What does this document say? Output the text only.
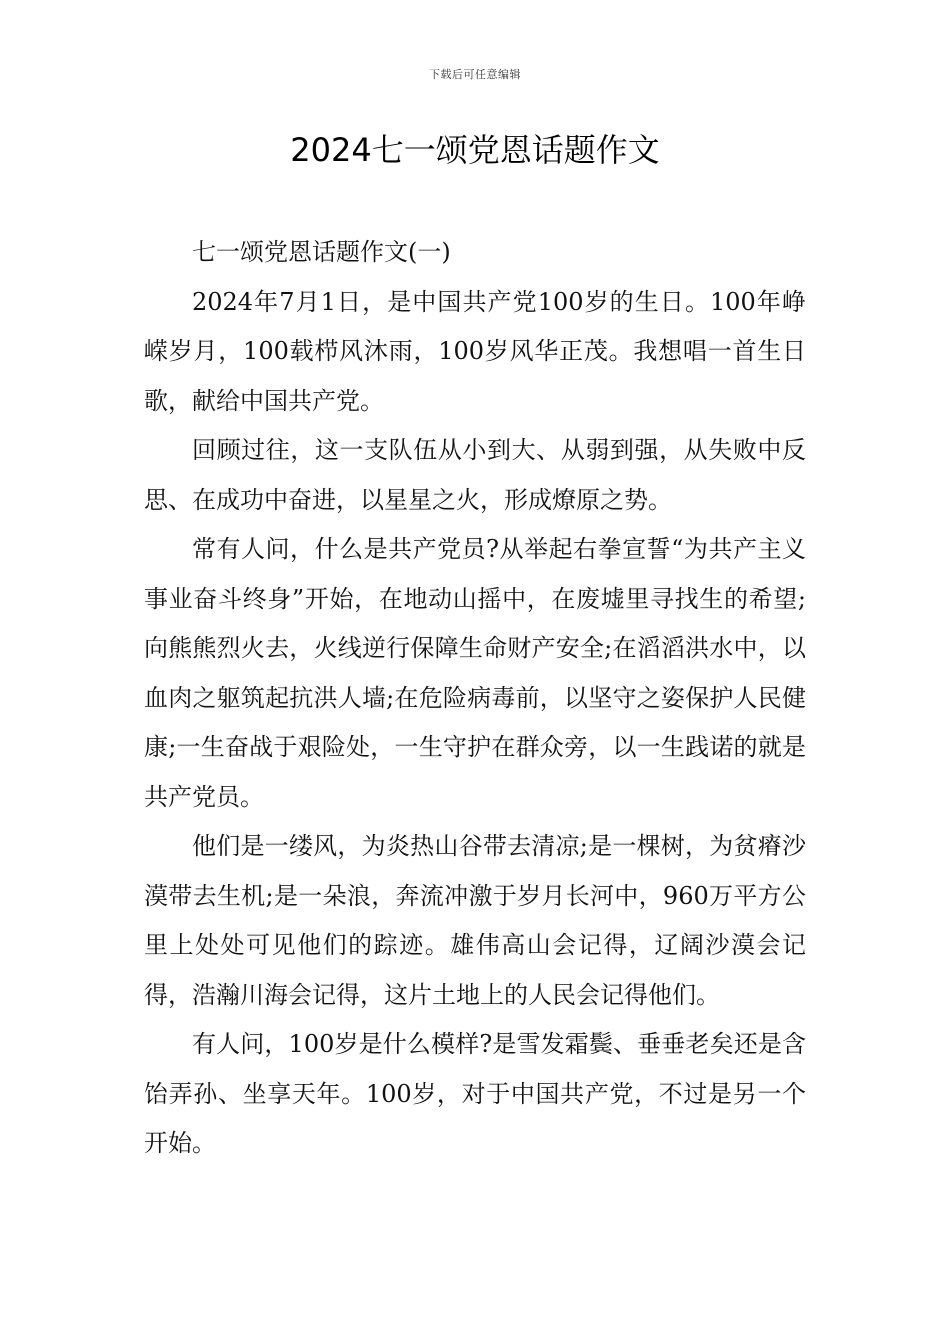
下载后可任意编辑
2024七一颂党恩话题作文

七一颂党恩话题作文(一)

2024年7月1日，是中国共产党100岁的生日。100年峥嵘岁月，100载栉风沐雨，100岁风华正茂。我想唱一首生日歌，献给中国共产党。

回顾过往，这一支队伍从小到大、从弱到强，从失败中反思、在成功中奋进，以星星之火，形成燎原之势。

常有人问，什么是共产党员?从举起右拳宣誓“为共产主义事业奋斗终身”开始，在地动山摇中，在废墟里寻找生的希望;向熊熊烈火去，火线逆行保障生命财产安全;在滔滔洪水中，以血肉之躯筑起抗洪人墙;在危险病毒前，以坚守之姿保护人民健康;一生奋战于艰险处，一生守护在群众旁，以一生践诺的就是共产党员。

他们是一缕风，为炎热山谷带去清凉;是一棵树，为贫瘠沙漠带去生机;是一朵浪，奔流冲激于岁月长河中，960万平方公里上处处可见他们的踪迹。雄伟高山会记得，辽阔沙漠会记得，浩瀚川海会记得，这片土地上的人民会记得他们。

有人问，100岁是什么模样?是雪发霜鬓、垂垂老矣还是含饴弄孙、坐享天年。100岁，对于中国共产党，不过是另一个开始。
